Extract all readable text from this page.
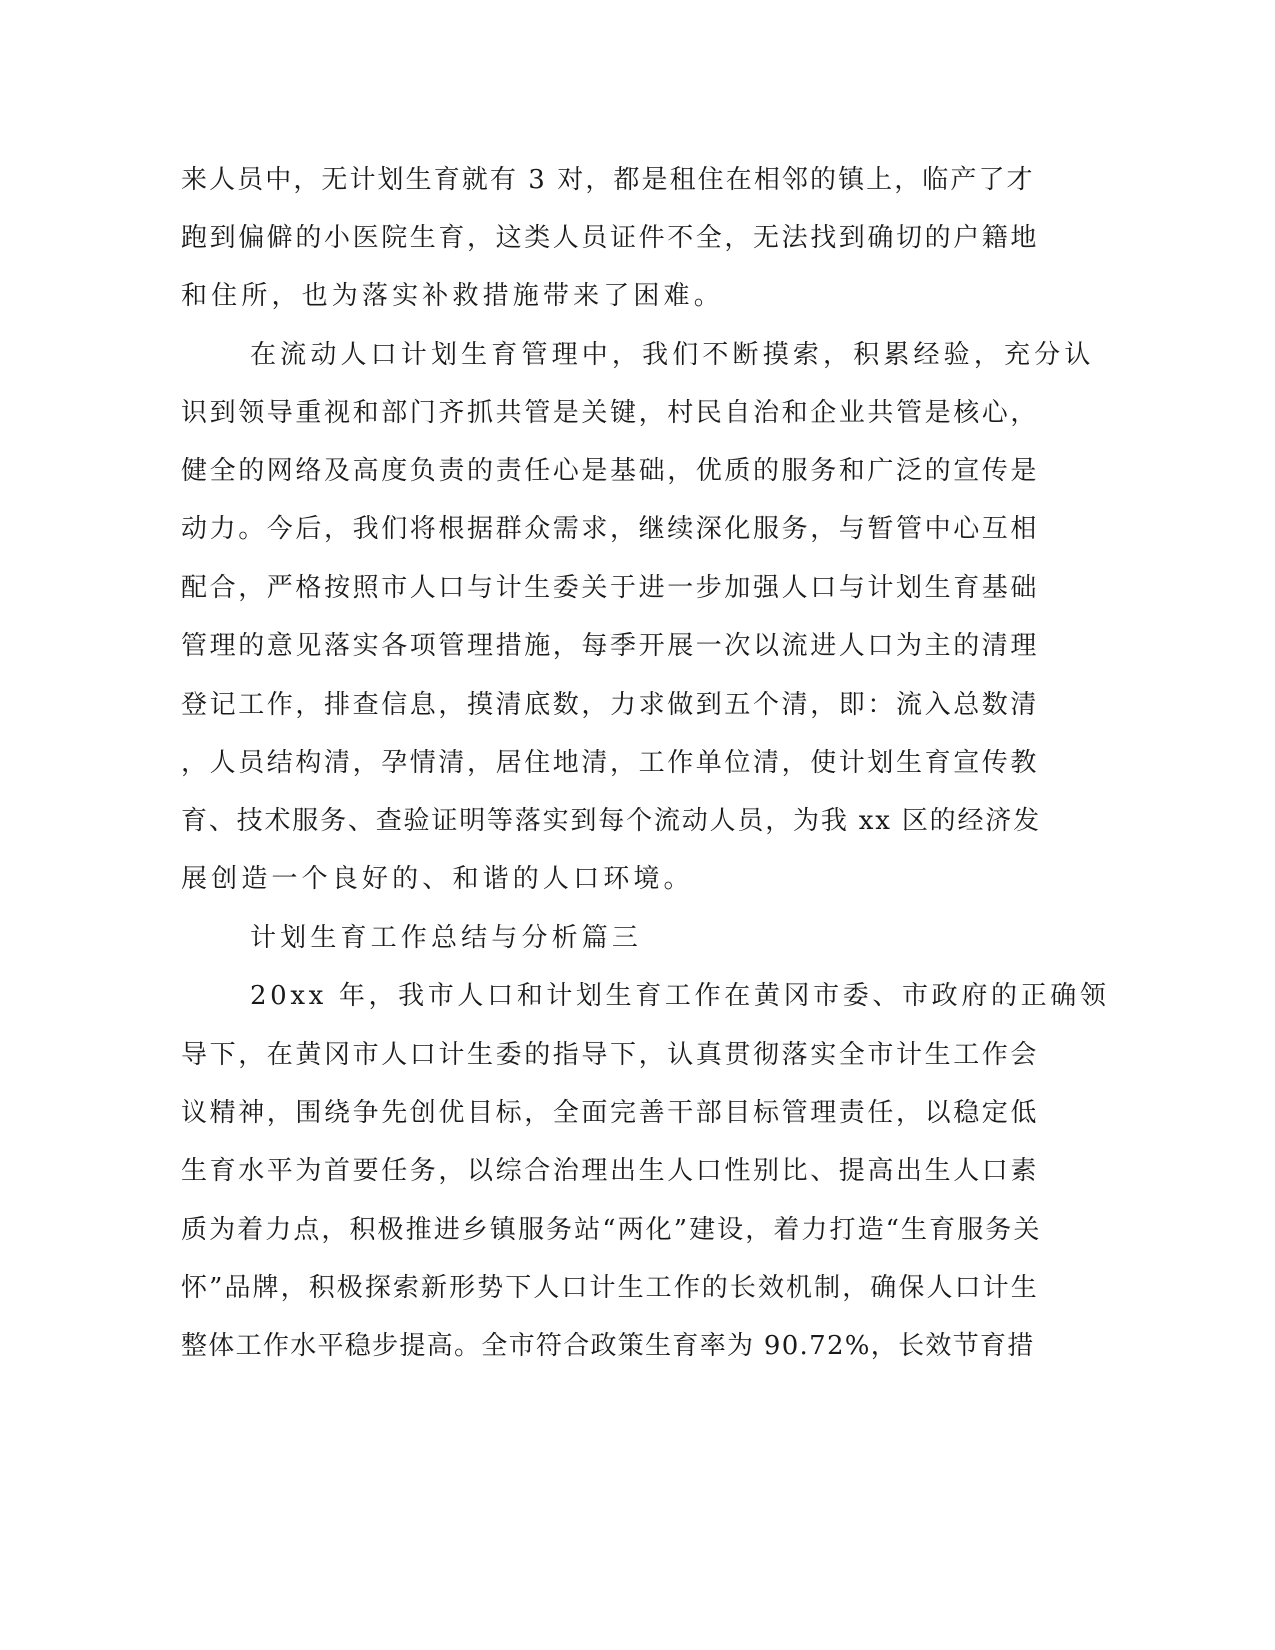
来人员中，无计划生育就有 3 对，都是租住在相邻的镇上，临产了才
跑到偏僻的小医院生育，这类人员证件不全，无法找到确切的户籍地
和住所，也为落实补救措施带来了困难。
在流动人口计划生育管理中，我们不断摸索，积累经验，充分认
识到领导重视和部门齐抓共管是关键，村民自治和企业共管是核心，
健全的网络及高度负责的责任心是基础，优质的服务和广泛的宣传是
动力。今后，我们将根据群众需求，继续深化服务，与暂管中心互相
配合，严格按照市人口与计生委关于进一步加强人口与计划生育基础
管理的意见落实各项管理措施，每季开展一次以流进人口为主的清理
登记工作，排查信息，摸清底数，力求做到五个清，即：流入总数清
，人员结构清，孕情清，居住地清，工作单位清，使计划生育宣传教
育、技术服务、查验证明等落实到每个流动人员，为我 xx 区的经济发
展创造一个良好的、和谐的人口环境。
计划生育工作总结与分析篇三
20xx 年，我市人口和计划生育工作在黄冈市委、市政府的正确领
导下，在黄冈市人口计生委的指导下，认真贯彻落实全市计生工作会
议精神，围绕争先创优目标，全面完善干部目标管理责任，以稳定低
生育水平为首要任务，以综合治理出生人口性别比、提高出生人口素
质为着力点，积极推进乡镇服务站“两化”建设，着力打造“生育服务关
怀”品牌，积极探索新形势下人口计生工作的长效机制，确保人口计生
整体工作水平稳步提高。全市符合政策生育率为 90.72%，长效节育措
